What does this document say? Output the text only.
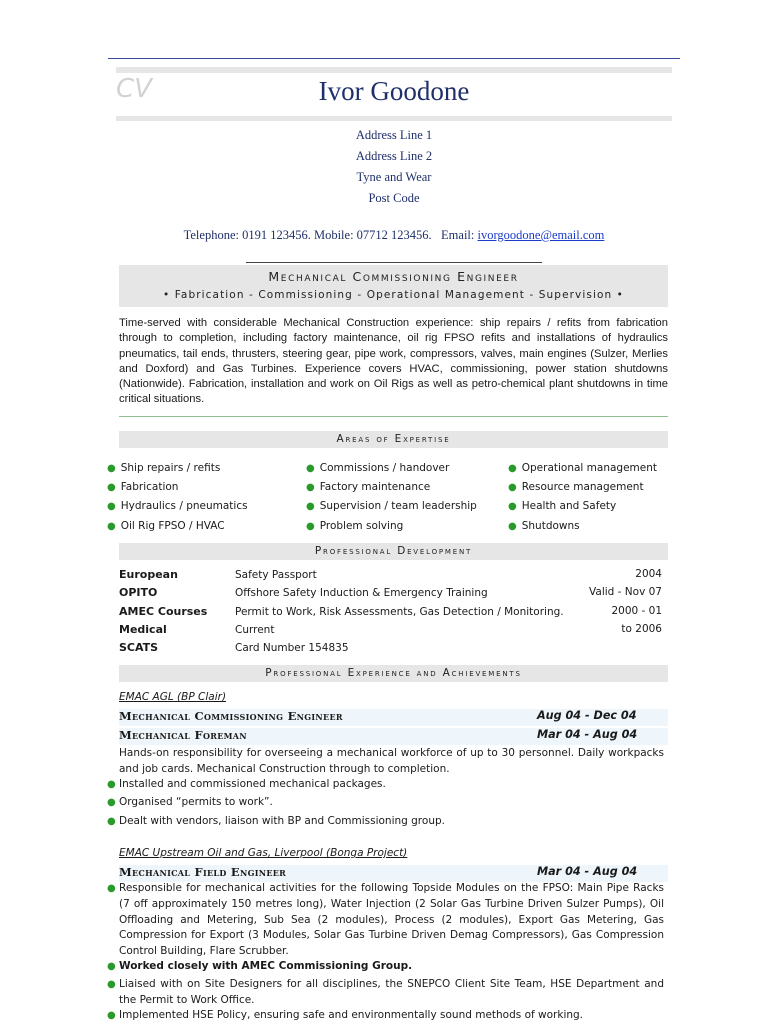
CV	Ivor Goodone
Address Line 1
Address Line 2
Tyne and Wear
Post Code
Telephone: 0191 123456. Mobile: 07712 123456.   Email: ivorgoodone@email.com
Mechanical Commissioning Engineer
• Fabrication - Commissioning - Operational Management - Supervision •
Time-served with considerable Mechanical Construction experience: ship repairs / refits from fabrication through to completion, including factory maintenance, oil rig FPSO refits and installations of hydraulics pneumatics, tail ends, thrusters, steering gear, pipe work, compressors, valves, main engines (Sulzer, Merlies and Doxford) and Gas Turbines. Experience covers HVAC, commissioning, power station shutdowns (Nationwide). Fabrication, installation and work on Oil Rigs as well as petro-chemical plant shutdowns in time critical situations.
Areas of Expertise
● Ship repairs / refits
● Fabrication
● Hydraulics / pneumatics
● Oil Rig FPSO / HVAC
● Commissions / handover
● Factory maintenance
● Supervision / team leadership
● Problem solving
● Operational management
● Resource management
● Health and Safety
● Shutdowns
Professional Development
European	Safety Passport	2004
OPITO	Offshore Safety Induction & Emergency Training	Valid - Nov 07
AMEC Courses	Permit to Work, Risk Assessments, Gas Detection / Monitoring.	2000 - 01
Medical	Current	to 2006
SCATS	Card Number 154835
Professional Experience and Achievements
EMAC AGL (BP Clair)
Mechanical Commissioning Engineer	Aug 04 - Dec 04
Mechanical Foreman	Mar 04 - Aug 04
Hands-on responsibility for overseeing a mechanical workforce of up to 30 personnel. Daily workpacks and job cards. Mechanical Construction through to completion.
● Installed and commissioned mechanical packages.
● Organised “permits to work”.
● Dealt with vendors, liaison with BP and Commissioning group.
EMAC Upstream Oil and Gas, Liverpool (Bonga Project)
Mechanical Field Engineer	Mar 04 - Aug 04
● Responsible for mechanical activities for the following Topside Modules on the FPSO: Main Pipe Racks (7 off approximately 150 metres long), Water Injection (2 Solar Gas Turbine Driven Sulzer Pumps), Oil Offloading and Metering, Sub Sea (2 modules), Process (2 modules), Export Gas Metering, Gas Compression for Export (3 Modules, Solar Gas Turbine Driven Demag Compressors), Gas Compression Control Building, Flare Scrubber.
● Worked closely with AMEC Commissioning Group.
● Liaised with on Site Designers for all disciplines, the SNEPCO Client Site Team, HSE Department and the Permit to Work Office.
● Implemented HSE Policy, ensuring safe and environmentally sound methods of working.
